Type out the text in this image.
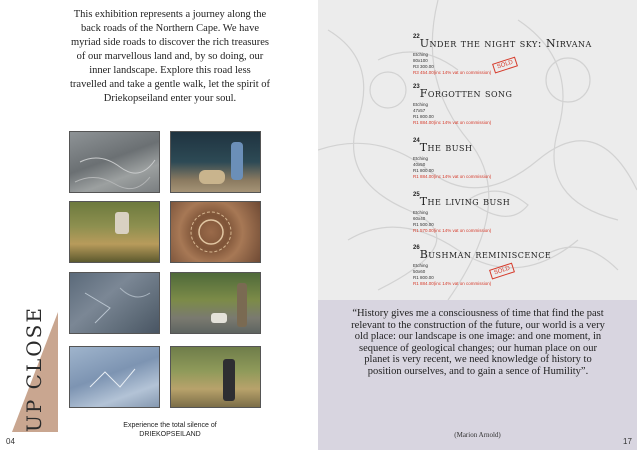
This exhibition represents a journey along the back roads of the Northern Cape. We have myriad side roads to discover the rich treasures of our marvellous land and, by so doing, our inner landscape. Explore this road less travelled and take a gentle walk, let the spirit of Driekopseiland enter your soul.
UP CLOSE	Experience the total silence of
DRIEKOPSEILAND
04
$^{22}$Under the night sky: Nirvana
Etching
80x100
R3 300.00
R3 454.00(inc 14% vat on commission)
SOLD
$^{23}$Forgotten song
Etching
47x57
R1 800.00
R1 884.00(inc 14% vat on commission)
$^{24}$The bush
Etching
40x50
R1 800.00
R1 884.00(inc 14% vat on commission)
$^{25}$The living bush
Etching
60x40
R1 500.00
R1 570.00(inc 14% vat on commission)
$^{26}$Bushman reminiscence
Etching
50x60
R1 800.00
R1 884.00(inc 14% vat on commission)
SOLD
“History gives me a consciousness of time that find the past relevant to the construction of the future, our world is a very old place: our landscape is one image: and one moment, in sequence of geological changes; our human place on our planet is very recent, we need knowledge of history to position ourselves, and to gain a sence of Humility”.
(Marion Arnold)
17
